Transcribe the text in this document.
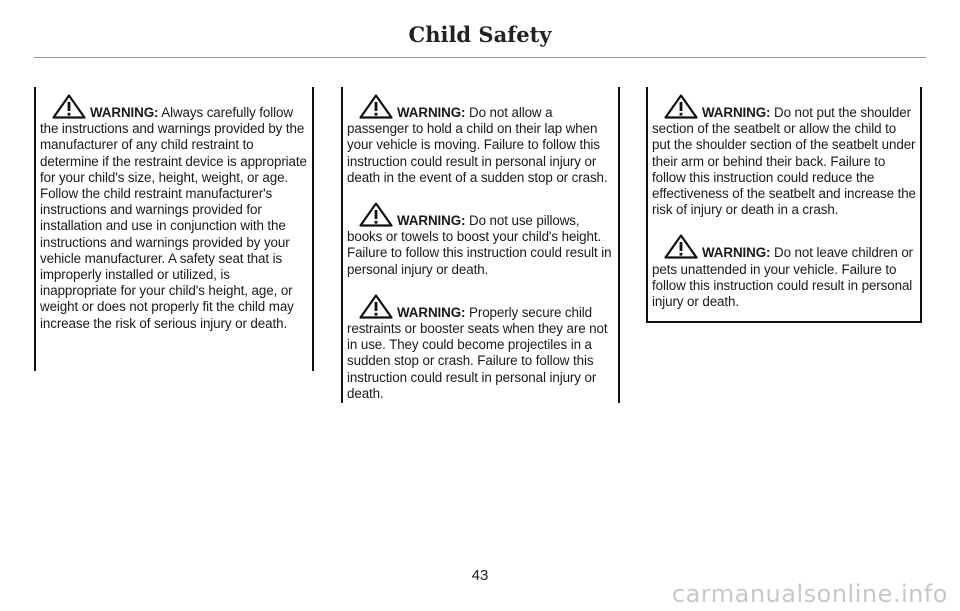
Child Safety

WARNING: Always carefully follow the instructions and warnings provided by the manufacturer of any child restraint to determine if the restraint device is appropriate for your child's size, height, weight, or age. Follow the child restraint manufacturer's instructions and warnings provided for installation and use in conjunction with the instructions and warnings provided by your vehicle manufacturer. A safety seat that is improperly installed or utilized, is inappropriate for your child's height, age, or weight or does not properly fit the child may increase the risk of serious injury or death.

WARNING: Do not allow a passenger to hold a child on their lap when your vehicle is moving. Failure to follow this instruction could result in personal injury or death in the event of a sudden stop or crash.

WARNING: Do not use pillows, books or towels to boost your child's height. Failure to follow this instruction could result in personal injury or death.

WARNING: Properly secure child restraints or booster seats when they are not in use. They could become projectiles in a sudden stop or crash. Failure to follow this instruction could result in personal injury or death.

WARNING: Do not put the shoulder section of the seatbelt or allow the child to put the shoulder section of the seatbelt under their arm or behind their back. Failure to follow this instruction could reduce the effectiveness of the seatbelt and increase the risk of injury or death in a crash.

WARNING: Do not leave children or pets unattended in your vehicle. Failure to follow this instruction could result in personal injury or death.

43
carmanualsonline.info
